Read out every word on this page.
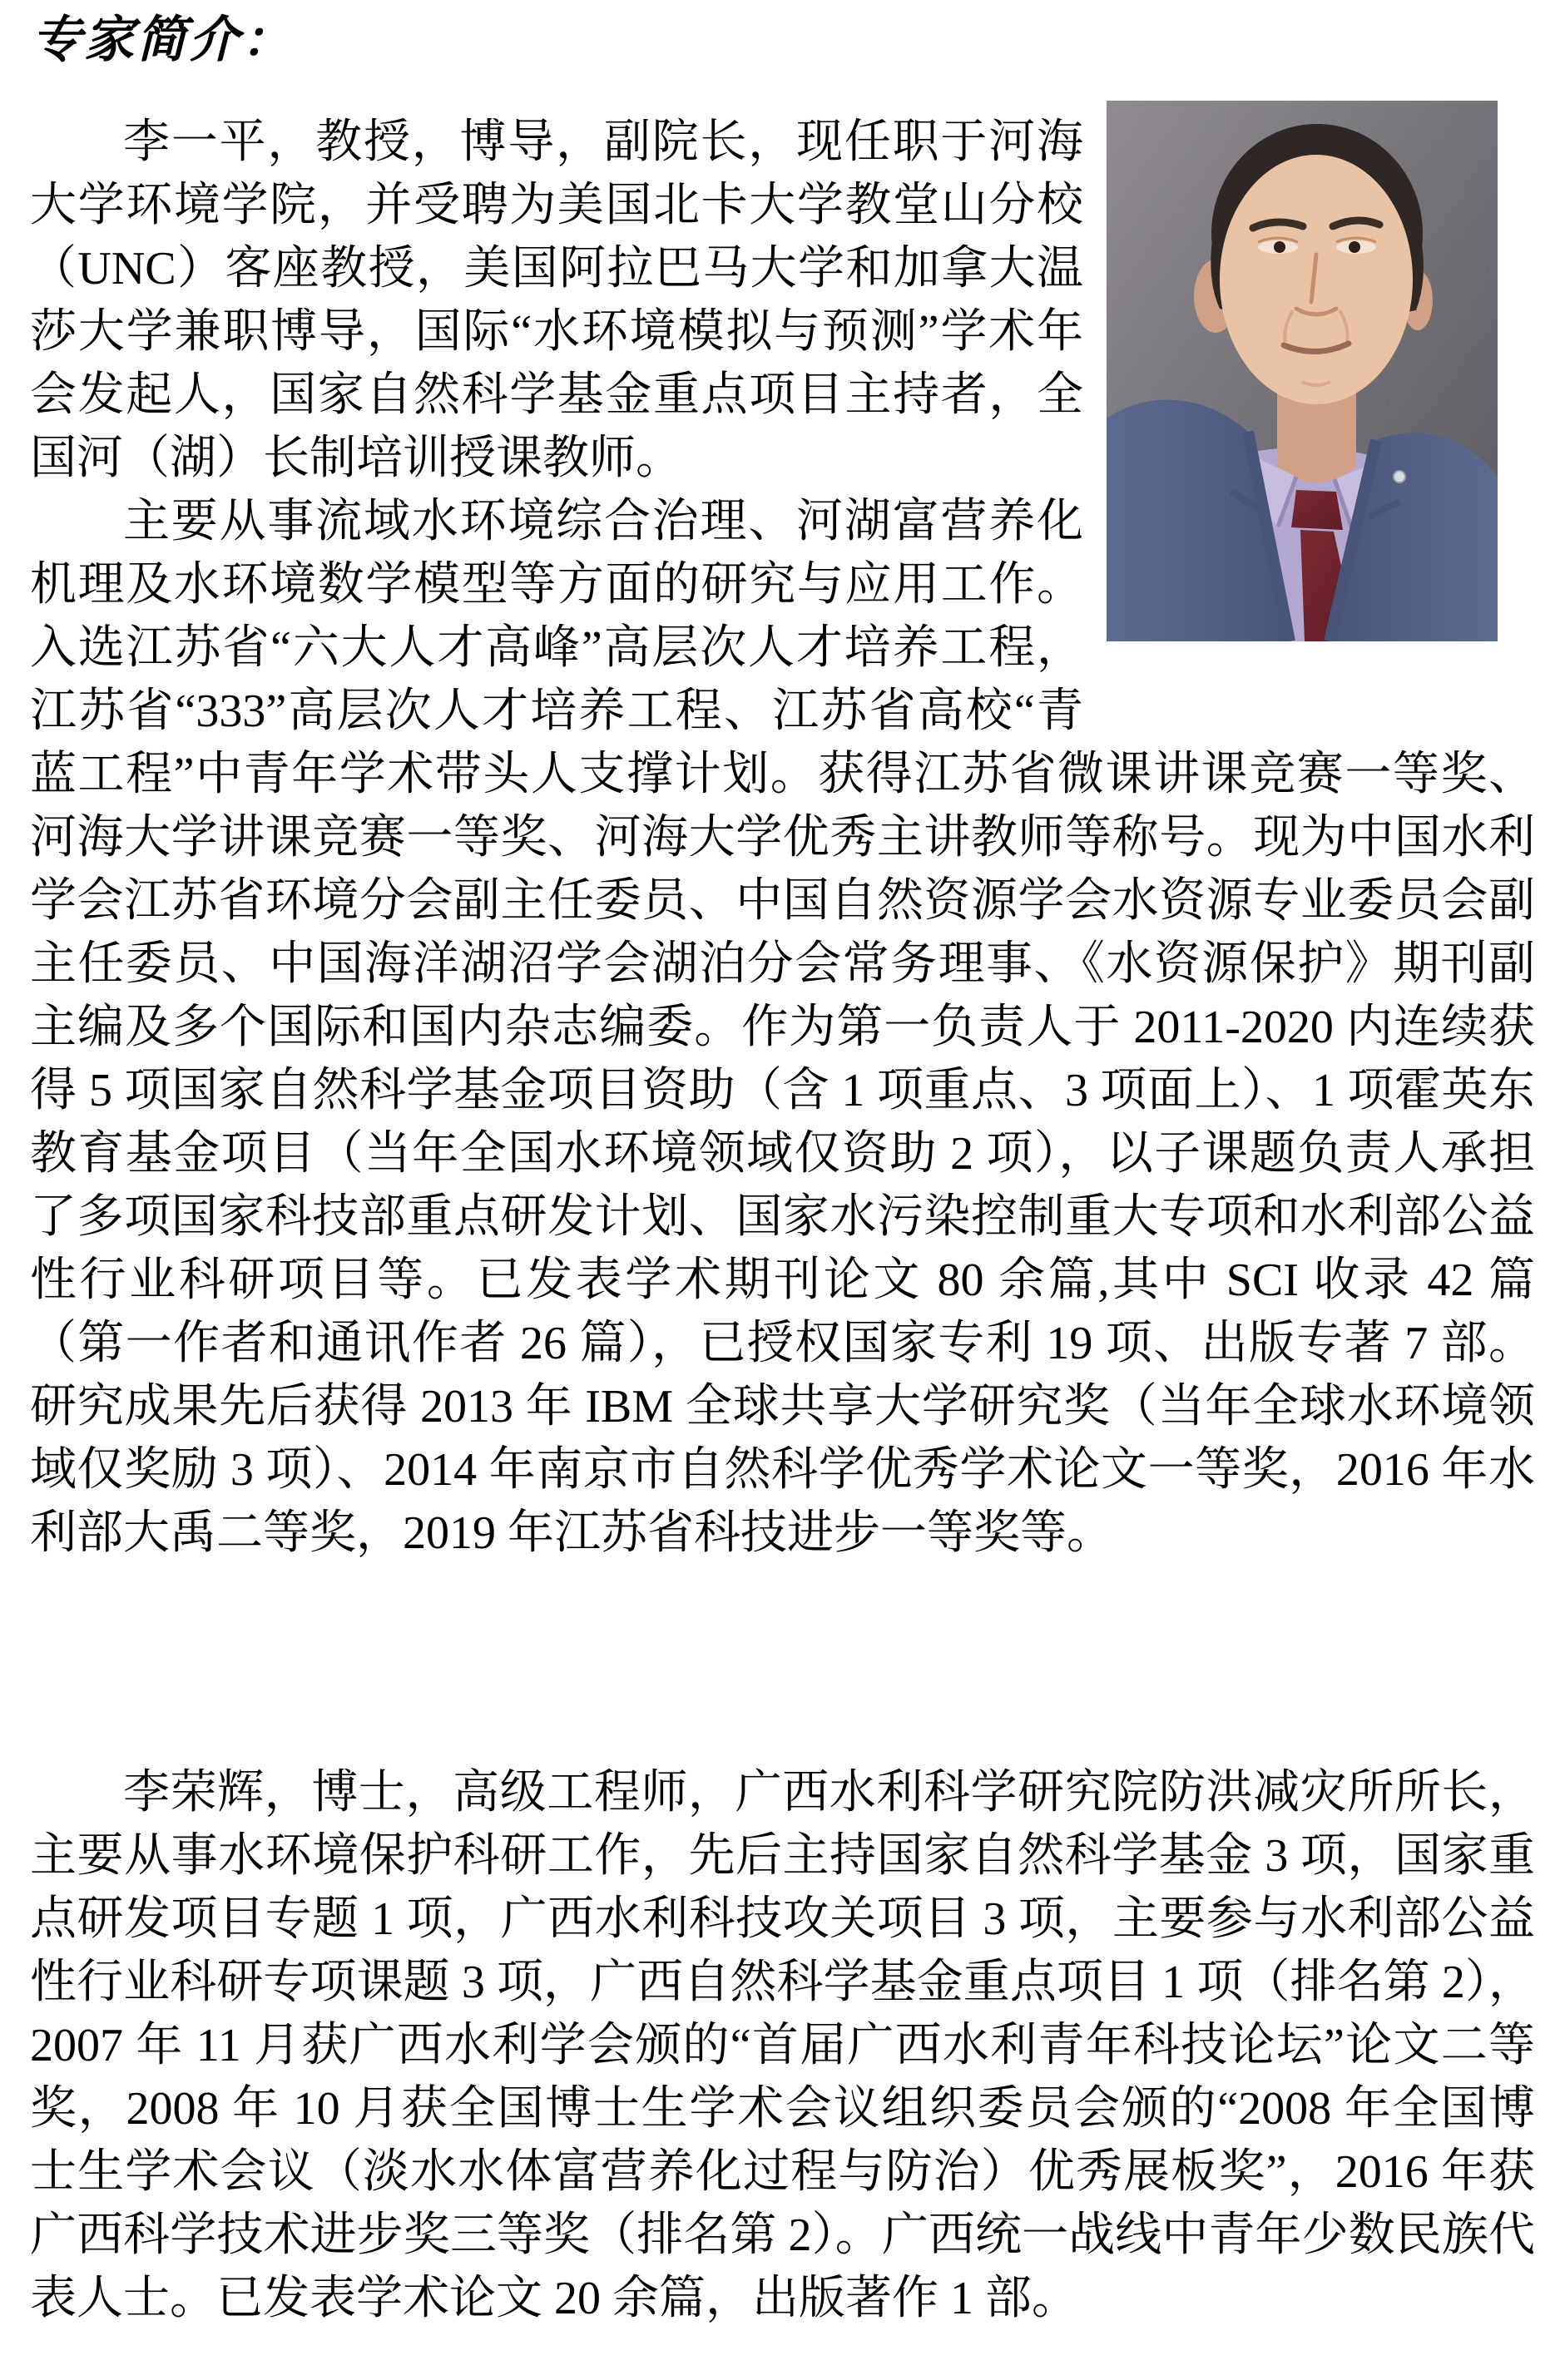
专家简介：

李一平，教授，博导，副院长，现任职于河海大学环境学院，并受聘为美国北卡大学教堂山分校（UNC）客座教授，美国阿拉巴马大学和加拿大温莎大学兼职博导，国际“水环境模拟与预测”学术年会发起人，国家自然科学基金重点项目主持者，全国河（湖）长制培训授课教师。

主要从事流域水环境综合治理、河湖富营养化机理及水环境数学模型等方面的研究与应用工作。入选江苏省“六大人才高峰”高层次人才培养工程，江苏省“333”高层次人才培养工程、江苏省高校“青蓝工程”中青年学术带头人支撑计划。获得江苏省微课讲课竞赛一等奖、河海大学讲课竞赛一等奖、河海大学优秀主讲教师等称号。现为中国水利学会江苏省环境分会副主任委员、中国自然资源学会水资源专业委员会副主任委员、中国海洋湖沼学会湖泊分会常务理事、《水资源保护》期刊副主编及多个国际和国内杂志编委。作为第一负责人于 2011-2020 内连续获得 5 项国家自然科学基金项目资助（含 1 项重点、3 项面上）、1 项霍英东教育基金项目（当年全国水环境领域仅资助 2 项），以子课题负责人承担了多项国家科技部重点研发计划、国家水污染控制重大专项和水利部公益性行业科研项目等。已发表学术期刊论文 80 余篇,其中 SCI 收录 42 篇（第一作者和通讯作者 26 篇），已授权国家专利 19 项、出版专著 7 部。研究成果先后获得 2013 年 IBM 全球共享大学研究奖（当年全球水环境领域仅奖励 3 项）、2014 年南京市自然科学优秀学术论文一等奖，2016 年水利部大禹二等奖，2019 年江苏省科技进步一等奖等。

李荣辉，博士，高级工程师，广西水利科学研究院防洪减灾所所长，主要从事水环境保护科研工作，先后主持国家自然科学基金 3 项，国家重点研发项目专题 1 项，广西水利科技攻关项目 3 项，主要参与水利部公益性行业科研专项课题 3 项，广西自然科学基金重点项目 1 项（排名第 2），2007 年 11 月获广西水利学会颁的“首届广西水利青年科技论坛”论文二等奖，2008 年 10 月获全国博士生学术会议组织委员会颁的“2008 年全国博士生学术会议（淡水水体富营养化过程与防治）优秀展板奖”，2016 年获广西科学技术进步奖三等奖（排名第 2）。广西统一战线中青年少数民族代表人士。已发表学术论文 20 余篇，出版著作 1 部。
